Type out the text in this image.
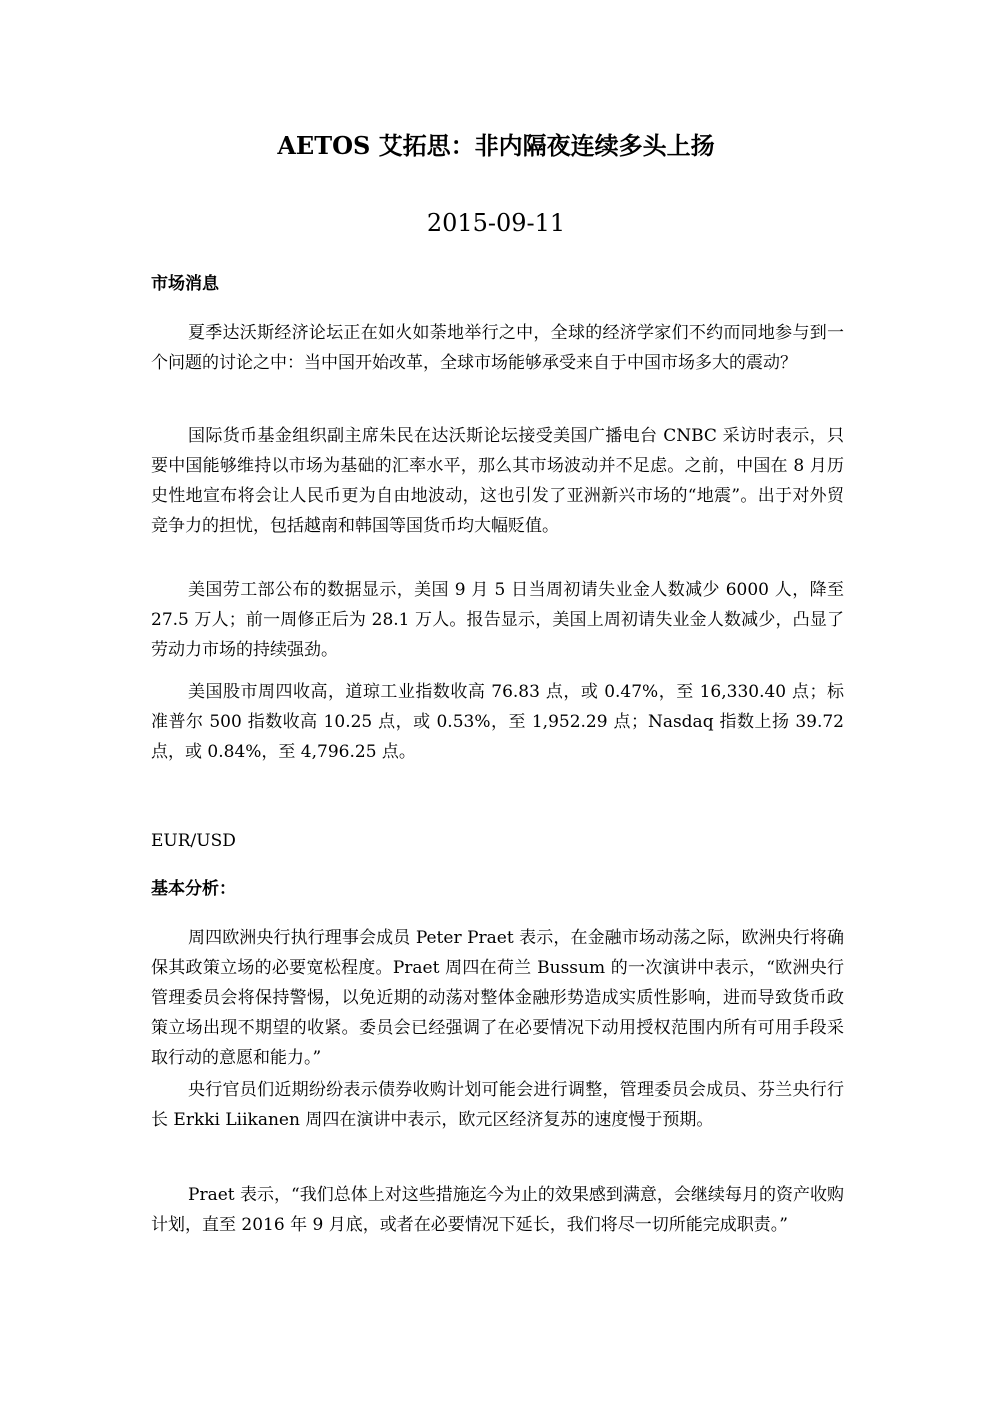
AETOS 艾拓思：非内隔夜连续多头上扬
2015-09-11
市场消息

夏季达沃斯经济论坛正在如火如荼地举行之中，全球的经济学家们不约而同地参与到一个问题的讨论之中：当中国开始改革，全球市场能够承受来自于中国市场多大的震动？

国际货币基金组织副主席朱民在达沃斯论坛接受美国广播电台 CNBC 采访时表示，只要中国能够维持以市场为基础的汇率水平，那么其市场波动并不足虑。之前，中国在 8 月历史性地宣布将会让人民币更为自由地波动，这也引发了亚洲新兴市场的“地震”。出于对外贸竞争力的担忧，包括越南和韩国等国货币均大幅贬值。

美国劳工部公布的数据显示，美国 9 月 5 日当周初请失业金人数减少 6000 人，降至 27.5 万人；前一周修正后为 28.1 万人。报告显示，美国上周初请失业金人数减少，凸显了劳动力市场的持续强劲。

美国股市周四收高，道琼工业指数收高 76.83 点，或 0.47%，至 16,330.40 点；标准普尔 500 指数收高 10.25 点，或 0.53%，至 1,952.29 点；Nasdaq 指数上扬 39.72 点，或 0.84%，至 4,796.25 点。

EUR/USD
基本分析：

周四欧洲央行执行理事会成员 Peter Praet 表示，在金融市场动荡之际，欧洲央行将确保其政策立场的必要宽松程度。Praet 周四在荷兰 Bussum 的一次演讲中表示，“欧洲央行管理委员会将保持警惕，以免近期的动荡对整体金融形势造成实质性影响，进而导致货币政策立场出现不期望的收紧。委员会已经强调了在必要情况下动用授权范围内所有可用手段采取行动的意愿和能力。”

央行官员们近期纷纷表示债券收购计划可能会进行调整，管理委员会成员、芬兰央行行长 Erkki Liikanen 周四在演讲中表示，欧元区经济复苏的速度慢于预期。

Praet 表示，“我们总体上对这些措施迄今为止的效果感到满意，会继续每月的资产收购计划，直至 2016 年 9 月底，或者在必要情况下延长，我们将尽一切所能完成职责。”
